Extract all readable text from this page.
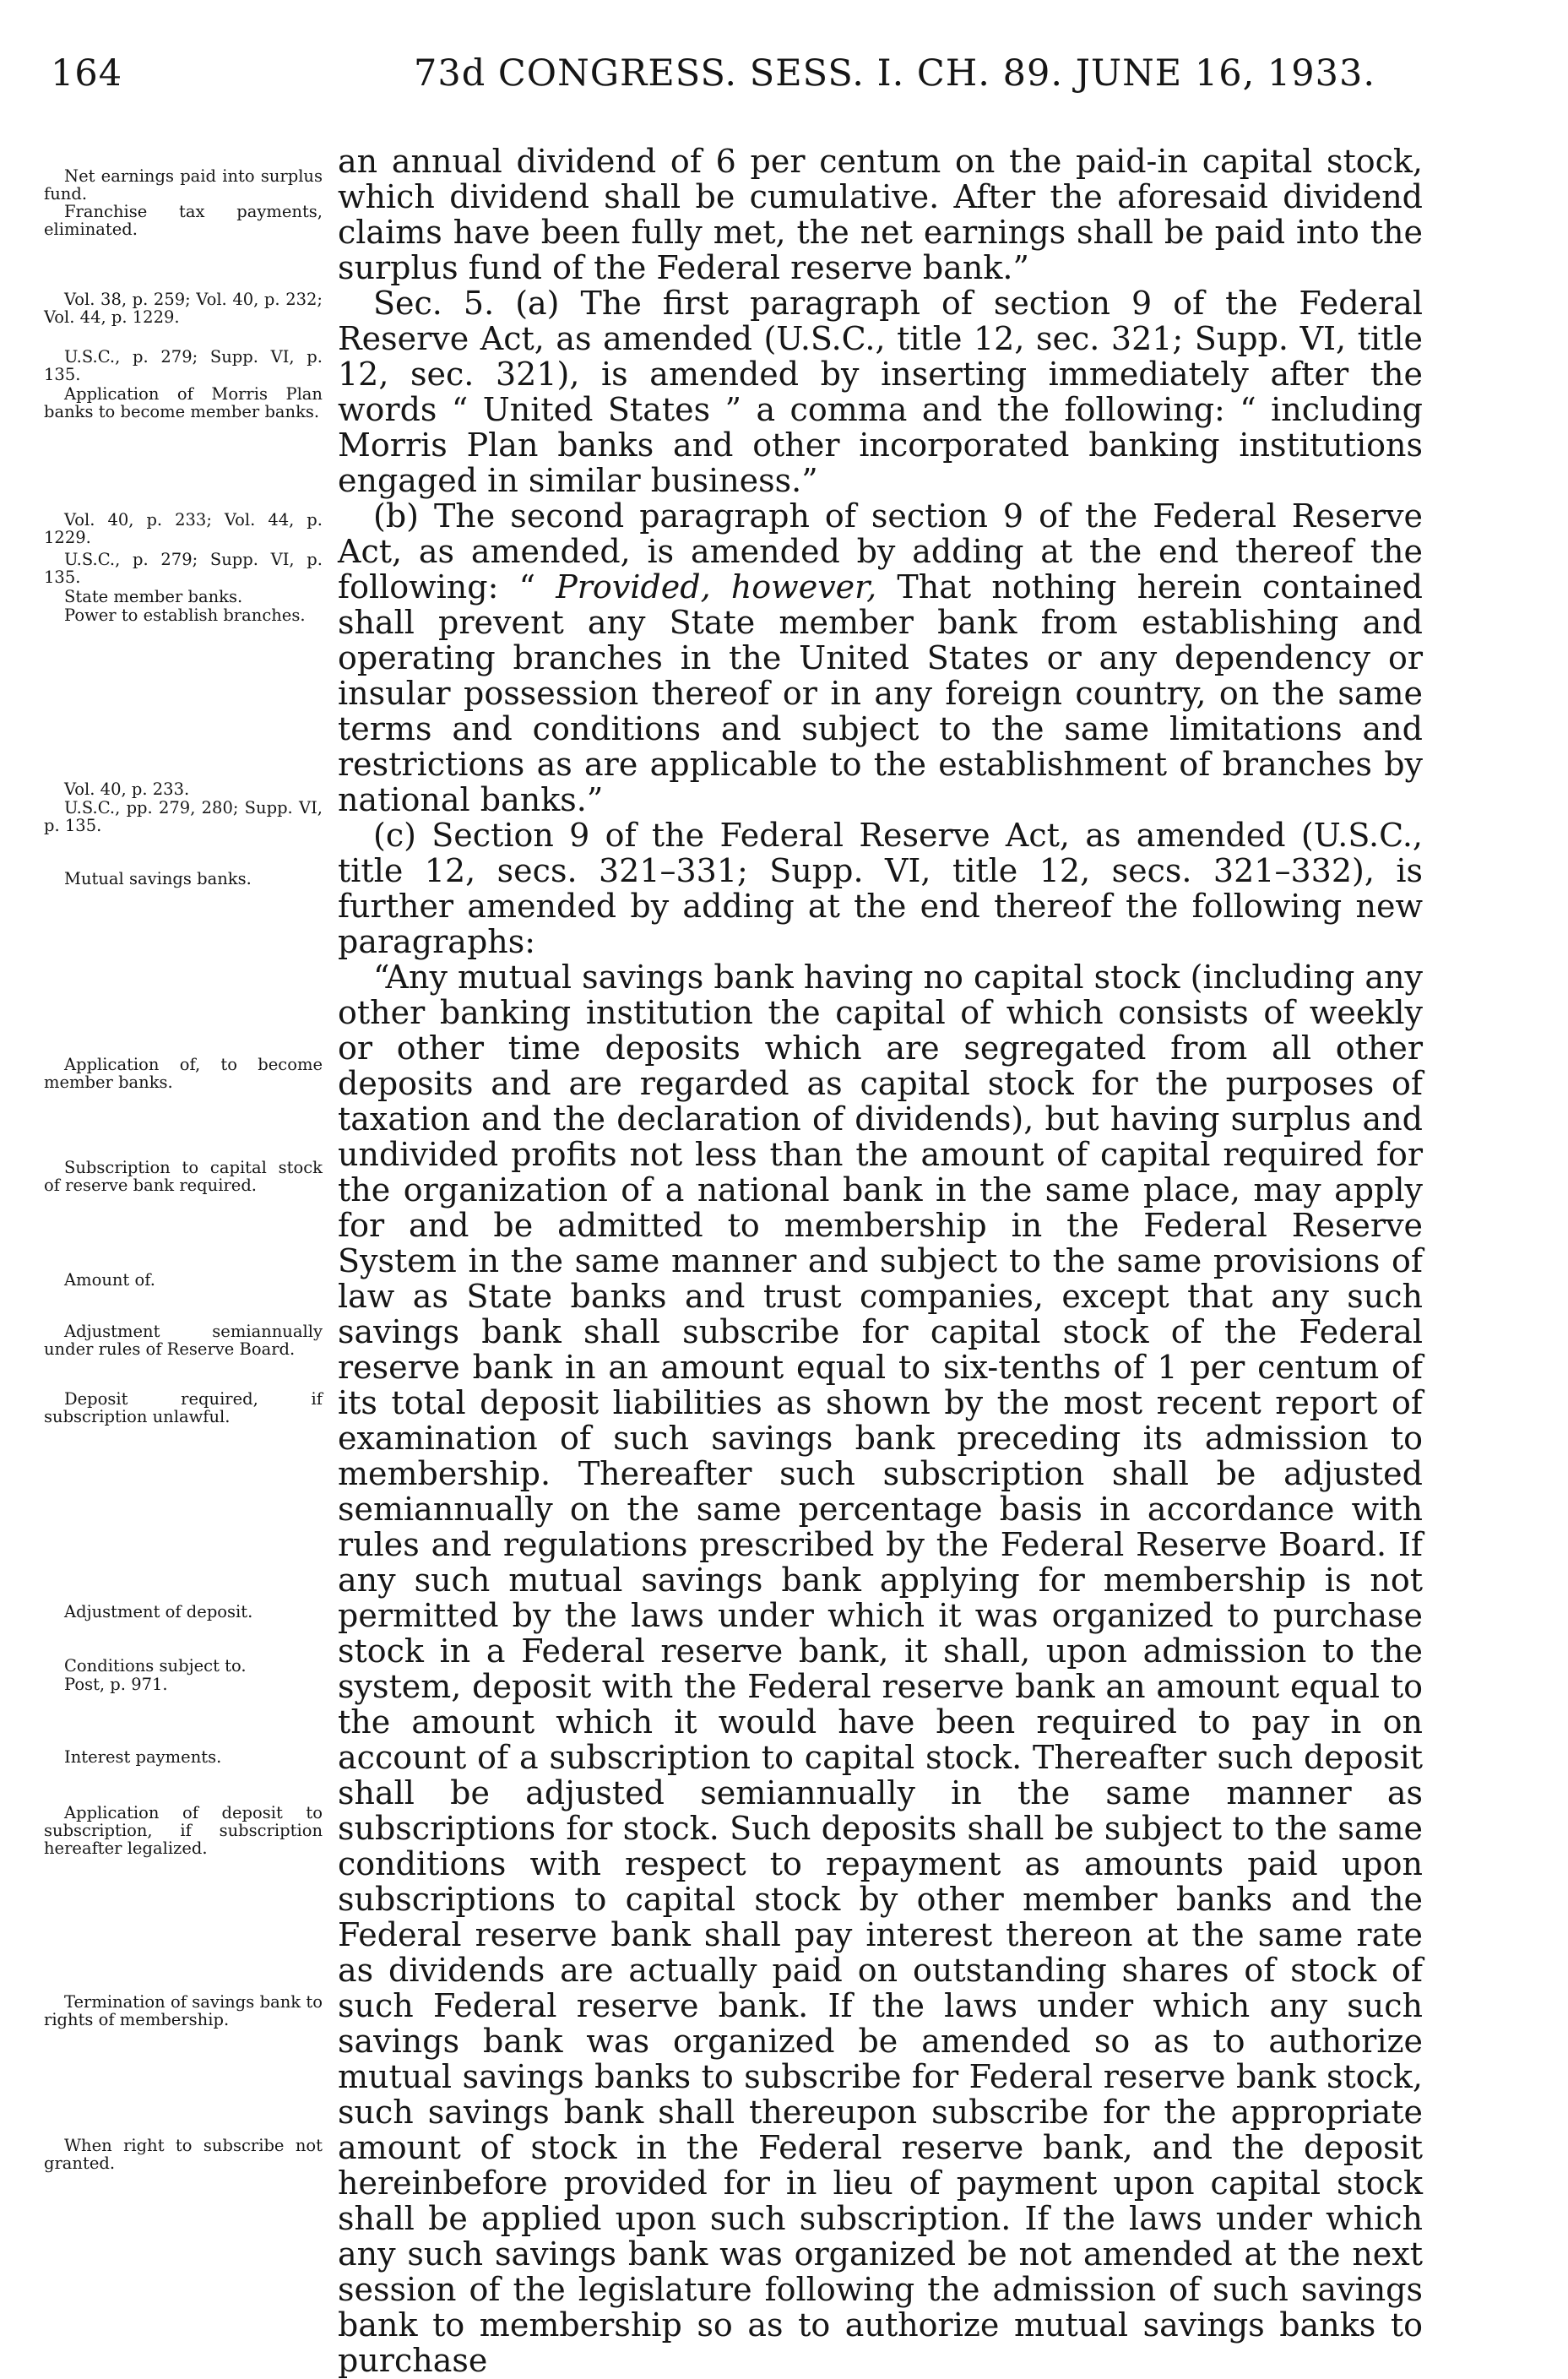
164	73d CONGRESS. SESS. I. CH. 89. JUNE 16, 1933.
Net earnings paid into surplus fund.
Franchise tax payments, eliminated.
Vol. 38, p. 259; Vol. 40, p. 232; Vol. 44, p. 1229.
U.S.C., p. 279; Supp. VI, p. 135.
Application of Morris Plan banks to become member banks.
Vol. 40, p. 233; Vol. 44, p. 1229.
U.S.C., p. 279; Supp. VI, p. 135.
State member banks.
Power to establish branches.
Vol. 40, p. 233.
U.S.C., pp. 279, 280; Supp. VI, p. 135.
Mutual savings banks.
Application of, to become member banks.
Subscription to capital stock of reserve bank required.
Amount of.
Adjustment semiannually under rules of Reserve Board.
Deposit required, if subscription unlawful.
Adjustment of deposit.
Conditions subject to.
Post, p. 971.
Interest payments.
Application of deposit to subscription, if subscription hereafter legalized.
Termination of savings bank to rights of membership.
When right to subscribe not granted.

an annual dividend of 6 per centum on the paid-in capital stock, which dividend shall be cumulative. After the aforesaid dividend claims have been fully met, the net earnings shall be paid into the surplus fund of the Federal reserve bank.”

Sec. 5. (a) The first paragraph of section 9 of the Federal Reserve Act, as amended (U.S.C., title 12, sec. 321; Supp. VI, title 12, sec. 321), is amended by inserting immediately after the words “ United States ” a comma and the following: “ including Morris Plan banks and other incorporated banking institutions engaged in similar business.”

(b) The second paragraph of section 9 of the Federal Reserve Act, as amended, is amended by adding at the end thereof the following: “ Provided, however, That nothing herein contained shall prevent any State member bank from establishing and operating branches in the United States or any dependency or insular possession thereof or in any foreign country, on the same terms and conditions and subject to the same limitations and restrictions as are applicable to the establishment of branches by national banks.”

(c) Section 9 of the Federal Reserve Act, as amended (U.S.C., title 12, secs. 321–331; Supp. VI, title 12, secs. 321–332), is further amended by adding at the end thereof the following new paragraphs:

“Any mutual savings bank having no capital stock (including any other banking institution the capital of which consists of weekly or other time deposits which are segregated from all other deposits and are regarded as capital stock for the purposes of taxation and the declaration of dividends), but having surplus and undivided profits not less than the amount of capital required for the organization of a national bank in the same place, may apply for and be admitted to membership in the Federal Reserve System in the same manner and subject to the same provisions of law as State banks and trust companies, except that any such savings bank shall subscribe for capital stock of the Federal reserve bank in an amount equal to six-tenths of 1 per centum of its total deposit liabilities as shown by the most recent report of examination of such savings bank preceding its admission to membership. Thereafter such subscription shall be adjusted semiannually on the same percentage basis in accordance with rules and regulations prescribed by the Federal Reserve Board. If any such mutual savings bank applying for membership is not permitted by the laws under which it was organized to purchase stock in a Federal reserve bank, it shall, upon admission to the system, deposit with the Federal reserve bank an amount equal to the amount which it would have been required to pay in on account of a subscription to capital stock. Thereafter such deposit shall be adjusted semiannually in the same manner as subscriptions for stock. Such deposits shall be subject to the same conditions with respect to repayment as amounts paid upon subscriptions to capital stock by other member banks and the Federal reserve bank shall pay interest thereon at the same rate as dividends are actually paid on outstanding shares of stock of such Federal reserve bank. If the laws under which any such savings bank was organized be amended so as to authorize mutual savings banks to subscribe for Federal reserve bank stock, such savings bank shall thereupon subscribe for the appropriate amount of stock in the Federal reserve bank, and the deposit hereinbefore provided for in lieu of payment upon capital stock shall be applied upon such subscription. If the laws under which any such savings bank was organized be not amended at the next session of the legislature following the admission of such savings bank to membership so as to authorize mutual savings banks to purchase
